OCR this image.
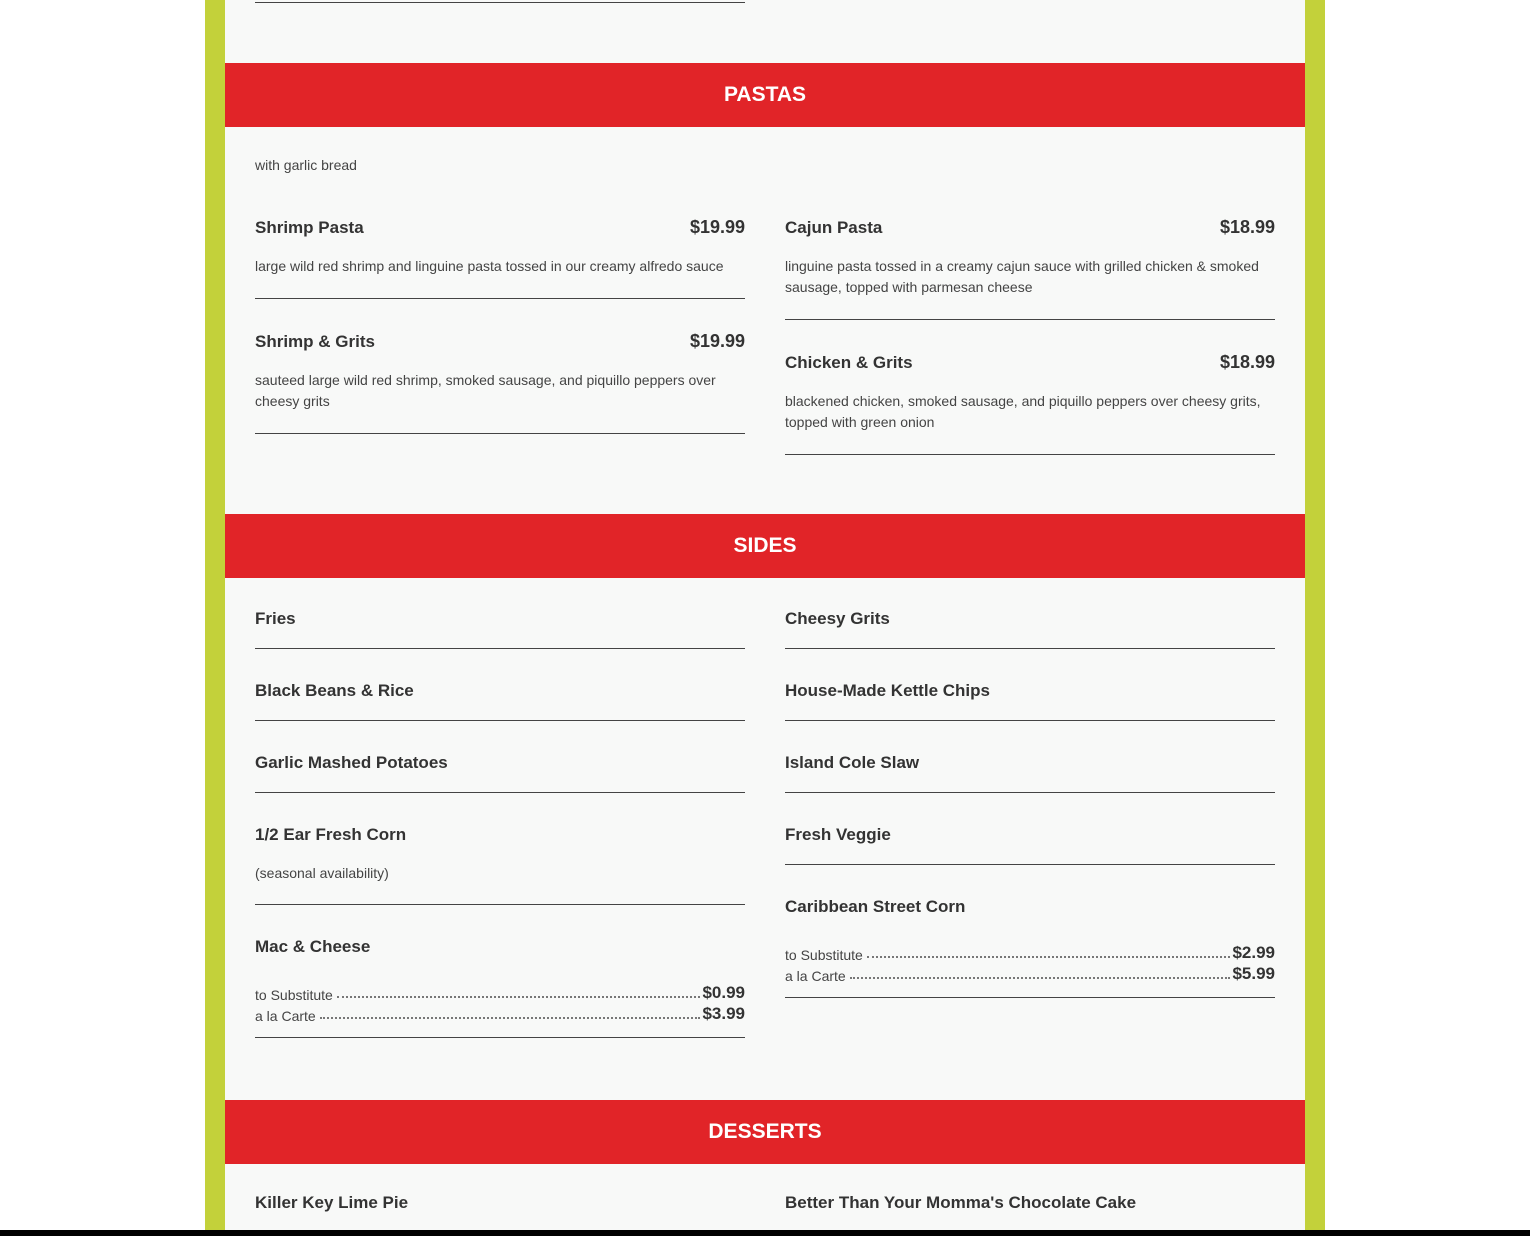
PASTAS
with garlic bread
Shrimp Pasta	$19.99
large wild red shrimp and linguine pasta tossed in our creamy alfredo sauce
Shrimp & Grits	$19.99
sauteed large wild red shrimp, smoked sausage, and piquillo peppers over cheesy grits
Cajun Pasta	$18.99
linguine pasta tossed in a creamy cajun sauce with grilled chicken & smoked sausage, topped with parmesan cheese
Chicken & Grits	$18.99
blackened chicken, smoked sausage, and piquillo peppers over cheesy grits, topped with green onion
SIDES
Fries
Black Beans & Rice
Garlic Mashed Potatoes
1/2 Ear Fresh Corn
(seasonal availability)
Mac & Cheese
to Substitute	$0.99
a la Carte	$3.99
Cheesy Grits
House-Made Kettle Chips
Island Cole Slaw
Fresh Veggie
Caribbean Street Corn
to Substitute	$2.99
a la Carte	$5.99
DESSERTS
Killer Key Lime Pie	Better Than Your Momma's Chocolate Cake
